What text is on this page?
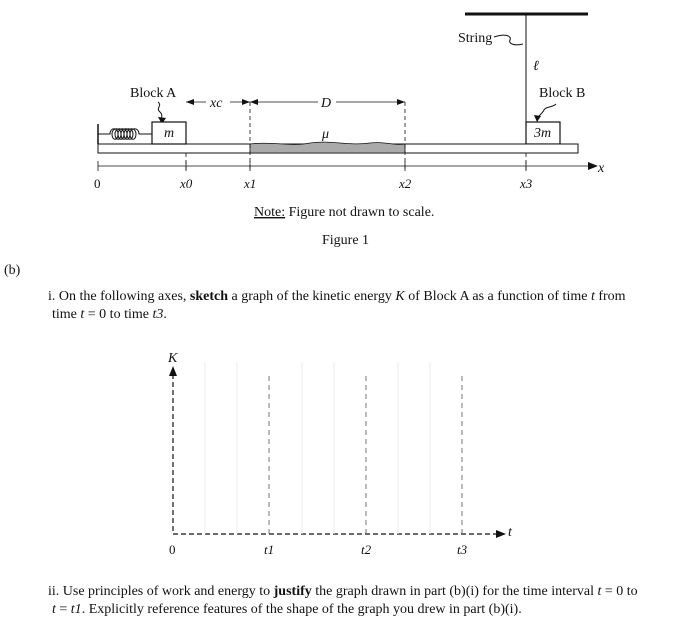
String
ℓ
Block B
3m
Block A
m
xc	D
μ
x
0	x0	x1	x2	x3
Note: Figure not drawn to scale.
Figure 1

(b)

i. On the following axes, sketch a graph of the kinetic energy K of Block A as a function of time t from

time t = 0 to time t3.

K
t
0	t1	t2	t3

ii. Use principles of work and energy to justify the graph drawn in part (b)(i) for the time interval t = 0 to

t = t1. Explicitly reference features of the shape of the graph you drew in part (b)(i).
